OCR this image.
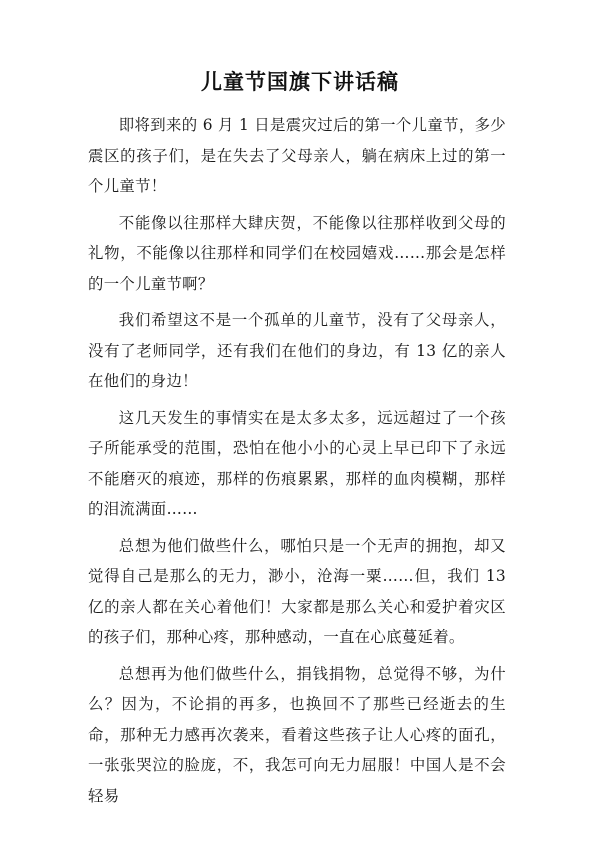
儿童节国旗下讲话稿

即将到来的 6 月 1 日是震灾过后的第一个儿童节，多少震区的孩子们，是在失去了父母亲人，躺在病床上过的第一个儿童节！

不能像以往那样大肆庆贺，不能像以往那样收到父母的礼物，不能像以往那样和同学们在校园嬉戏……那会是怎样的一个儿童节啊？

我们希望这不是一个孤单的儿童节，没有了父母亲人，没有了老师同学，还有我们在他们的身边，有 13 亿的亲人在他们的身边！

这几天发生的事情实在是太多太多，远远超过了一个孩子所能承受的范围，恐怕在他小小的心灵上早已印下了永远不能磨灭的痕迹，那样的伤痕累累，那样的血肉模糊，那样的泪流满面……

总想为他们做些什么，哪怕只是一个无声的拥抱，却又觉得自己是那么的无力，渺小，沧海一粟……但，我们 13 亿的亲人都在关心着他们！大家都是那么关心和爱护着灾区的孩子们，那种心疼，那种感动，一直在心底蔓延着。

总想再为他们做些什么，捐钱捐物，总觉得不够，为什么？因为，不论捐的再多，也换回不了那些已经逝去的生命，那种无力感再次袭来，看着这些孩子让人心疼的面孔，一张张哭泣的脸庞，不，我怎可向无力屈服！中国人是不会轻易
